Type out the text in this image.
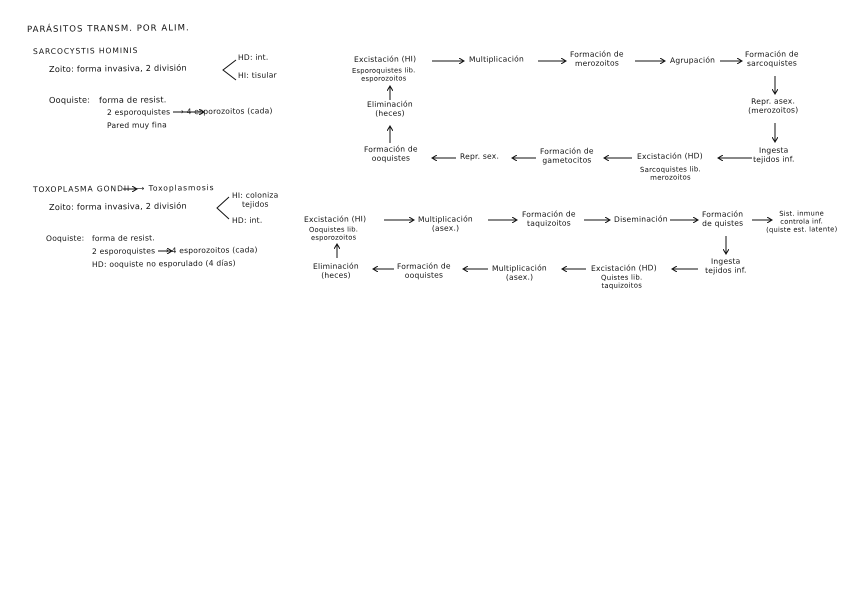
PARÁSITOS TRANSM. POR ALIM.
SARCOCYSTIS HOMINIS
Zoito: forma invasiva, 2 división
HD: int.
HI: tisular
Ooquiste: forma de resist.
2 esporoquistes ⟶ 4 esporozoitos (cada)
Pared muy fina
Excistación (HI)
Esporoquistes lib.
esporozoitos
Multiplicación
Formación de
merozoitos	Agrupación
Formación de
sarcoquistes
Repr. asex.
(merozoitos)
Ingesta
tejidos inf.
Excistación (HD)
Sarcoquistes lib.
merozoitos
Formación de
gametocitos
Repr. sex.
Formación de
ooquistes
Eliminación
(heces)
TOXOPLASMA GONDII ⟶ Toxoplasmosis
Zoito: forma invasiva, 2 división
HI: coloniza
tejidos
HD: int.
Ooquiste: forma de resist.
2 esporoquistes ⟶ 4 esporozoitos (cada)
HD: ooquiste no esporulado (4 días)
Excistación (HI)
Ooquistes lib.
esporozoitos
Multiplicación
(asex.)
Formación de
taquizoitos	Diseminación
Formación
de quistes
Sist. inmune
controla inf.
(quiste est. latente)
Ingesta
tejidos inf.
Excistación (HD)
Quistes lib.
taquizoitos
Multiplicación
(asex.)
Formación de
ooquistes
Eliminación
(heces)
